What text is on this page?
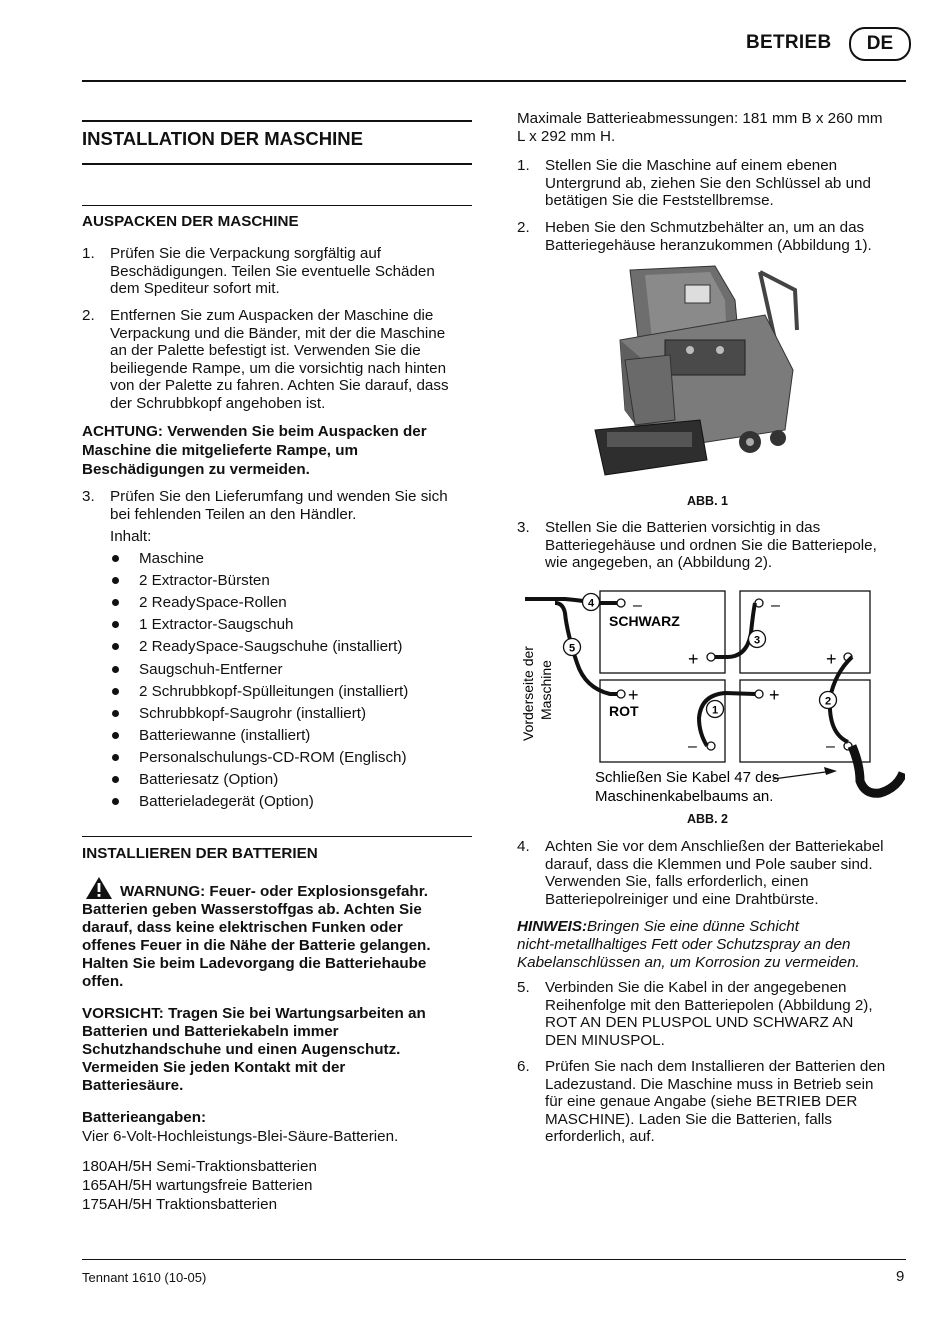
BETRIEB	DE
INSTALLATION DER MASCHINE
AUSPACKEN DER MASCHINE
1. Prüfen Sie die Verpackung sorgfältig auf
Beschädigungen. Teilen Sie eventuelle Schäden
dem Spediteur sofort mit.
2. Entfernen Sie zum Auspacken der Maschine die
Verpackung und die Bänder, mit der die Maschine
an der Palette befestigt ist. Verwenden Sie die
beiliegende Rampe, um die vorsichtig nach hinten
von der Palette zu fahren. Achten Sie darauf, dass
der Schrubbkopf angehoben ist.
ACHTUNG: Verwenden Sie beim Auspacken der
Maschine die mitgelieferte Rampe, um
Beschädigungen zu vermeiden.
3. Prüfen Sie den Lieferumfang und wenden Sie sich
bei fehlenden Teilen an den Händler.
Inhalt:
Maschine
2 Extractor-Bürsten
2 ReadySpace-Rollen
1 Extractor-Saugschuh
2 ReadySpace-Saugschuhe (installiert)
Saugschuh-Entferner
2 Schrubbkopf-Spülleitungen (installiert)
Schrubbkopf-Saugrohr (installiert)
Batteriewanne (installiert)
Personalschulungs-CD-ROM (Englisch)
Batteriesatz (Option)
Batterieladegerät (Option)
INSTALLIEREN DER BATTERIEN
WARNUNG: Feuer- oder Explosionsgefahr.
Batterien geben Wasserstoffgas ab. Achten Sie
darauf, dass keine elektrischen Funken oder
offenes Feuer in die Nähe der Batterie gelangen.
Halten Sie beim Ladevorgang die Batteriehaube
offen.
VORSICHT: Tragen Sie bei Wartungsarbeiten an
Batterien und Batteriekabeln immer
Schutzhandschuhe und einen Augenschutz.
Vermeiden Sie jeden Kontakt mit der
Batteriesäure.
Batterieangaben:
Vier 6-Volt-Hochleistungs-Blei-Säure-Batterien.
180AH/5H Semi-Traktionsbatterien
165AH/5H wartungsfreie Batterien
175AH/5H Traktionsbatterien
Maximale Batterieabmessungen: 181 mm B x 260 mm
L x 292 mm H.
1. Stellen Sie die Maschine auf einem ebenen
Untergrund ab, ziehen Sie den Schlüssel ab und
betätigen Sie die Feststellbremse.
2. Heben Sie den Schmutzbehälter an, um an das
Batteriegehäuse heranzukommen (Abbildung 1).
ABB. 1
3. Stellen Sie die Batterien vorsichtig in das
Batteriegehäuse und ordnen Sie die Batteriepole,
wie angegeben, an (Abbildung 2).
Vorderseite der Maschine
SCHWARZ
ROT
–
+
–
+
+
–
+
–
4
5
3
1
2
Schließen Sie Kabel 47 des
Maschinenkabelbaums an.
ABB. 2
4. Achten Sie vor dem Anschließen der Batteriekabel
darauf, dass die Klemmen und Pole sauber sind.
Verwenden Sie, falls erforderlich, einen
Batteriepolreiniger und eine Drahtbürste.
HINWEIS:Bringen Sie eine dünne Schicht
nicht-metallhaltiges Fett oder Schutzspray an den
Kabelanschlüssen an, um Korrosion zu vermeiden.
5. Verbinden Sie die Kabel in der angegebenen
Reihenfolge mit den Batteriepolen (Abbildung 2),
ROT AN DEN PLUSPOL UND SCHWARZ AN
DEN MINUSPOL.
6. Prüfen Sie nach dem Installieren der Batterien den
Ladezustand. Die Maschine muss in Betrieb sein
für eine genaue Angabe (siehe BETRIEB DER
MASCHINE). Laden Sie die Batterien, falls
erforderlich, auf.
Tennant 1610 (10-05)	9
